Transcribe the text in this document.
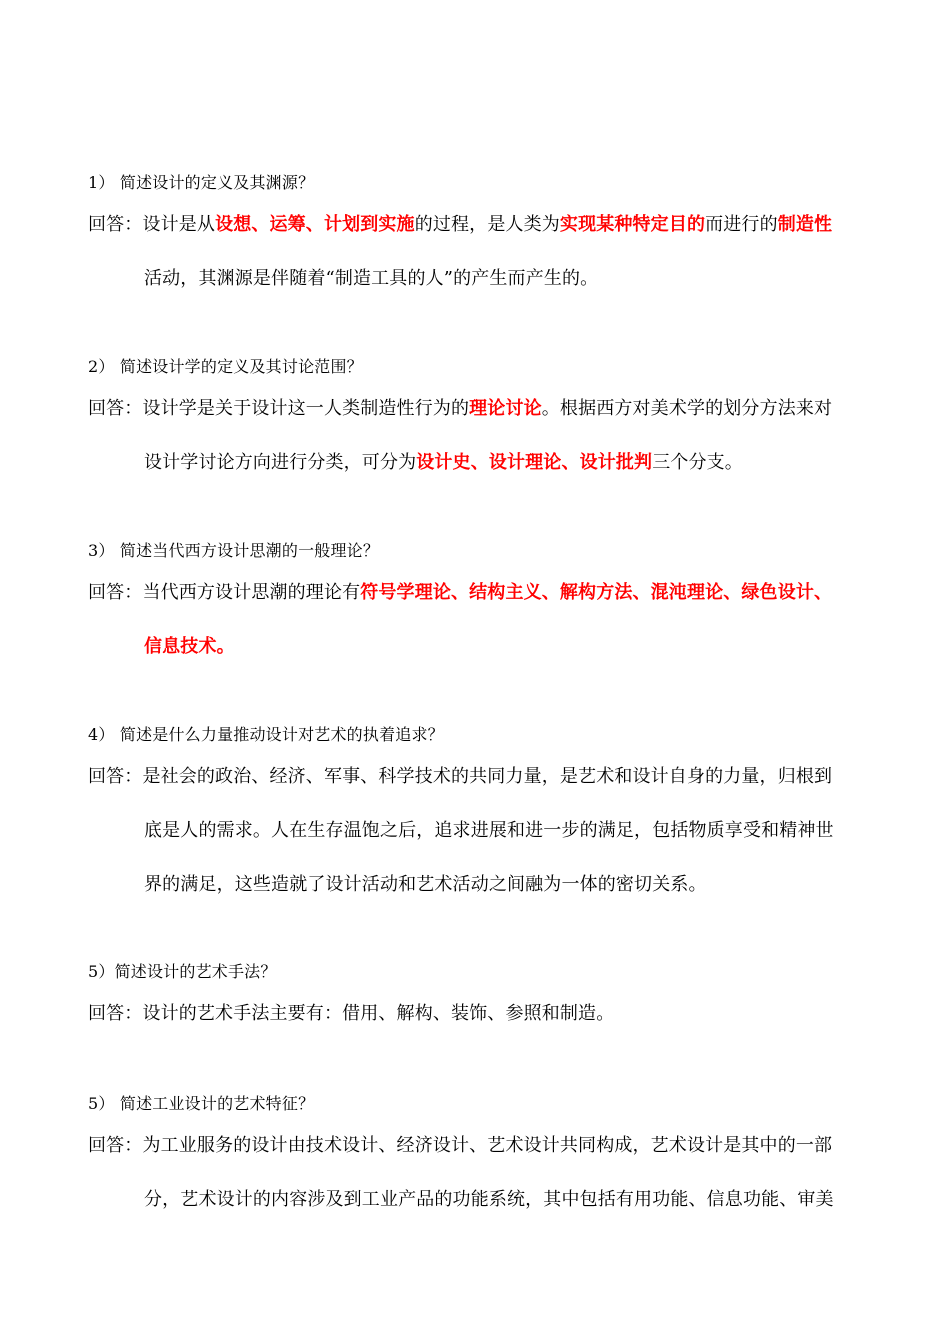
1） 简述设计的定义及其渊源？
回答：设计是从设想、运筹、计划到实施的过程，是人类为实现某种特定目的而进行的制造性
活动，其渊源是伴随着“制造工具的人”的产生而产生的。
2） 简述设计学的定义及其讨论范围？
回答：设计学是关于设计这一人类制造性行为的理论讨论。根据西方对美术学的划分方法来对
设计学讨论方向进行分类，可分为设计史、设计理论、设计批判三个分支。
3） 简述当代西方设计思潮的一般理论？
回答：当代西方设计思潮的理论有符号学理论、结构主义、解构方法、混沌理论、绿色设计、
信息技术。
4） 简述是什么力量推动设计对艺术的执着追求？
回答：是社会的政治、经济、军事、科学技术的共同力量，是艺术和设计自身的力量，归根到
底是人的需求。人在生存温饱之后，追求进展和进一步的满足，包括物质享受和精神世
界的满足，这些造就了设计活动和艺术活动之间融为一体的密切关系。
5）简述设计的艺术手法？
回答：设计的艺术手法主要有：借用、解构、装饰、参照和制造。
5） 简述工业设计的艺术特征？
回答：为工业服务的设计由技术设计、经济设计、艺术设计共同构成，艺术设计是其中的一部
分，艺术设计的内容涉及到工业产品的功能系统，其中包括有用功能、信息功能、审美
